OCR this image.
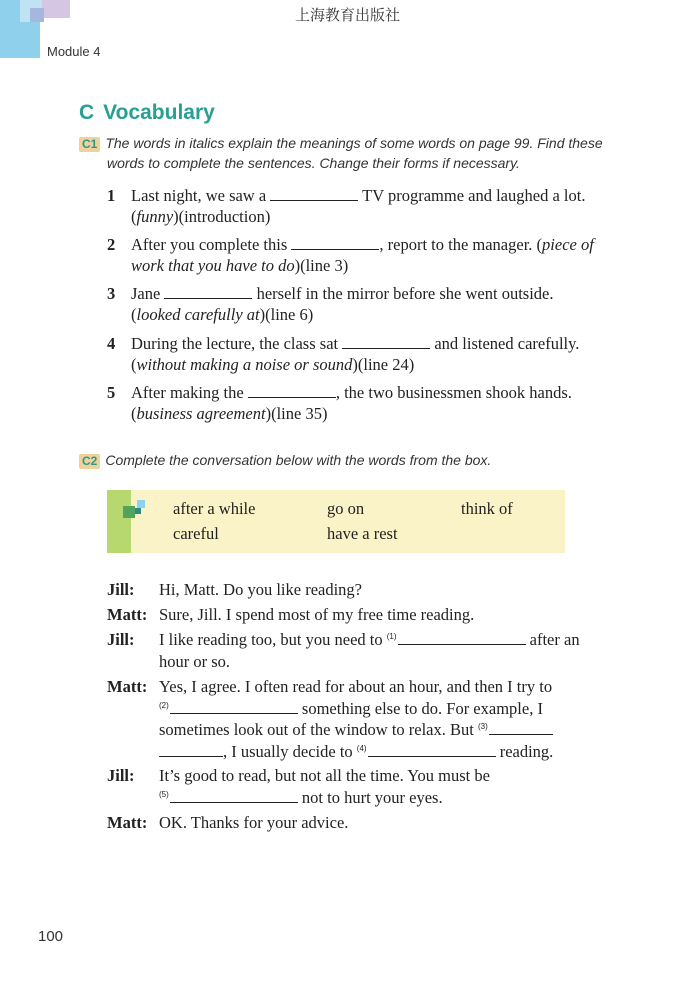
上海教育出版社
Module 4
C Vocabulary
C1 The words in italics explain the meanings of some words on page 99. Find these
words to complete the sentences. Change their forms if necessary.
1 Last night, we saw a	TV programme and laughed a lot.
(funny)(introduction)
2 After you complete this	, report to the manager. (piece of work that you have to do)(line 3)
3 Jane	herself in the mirror before she went outside.
(looked carefully at)(line 6)
4 During the lecture, the class sat	and listened carefully.
(without making a noise or sound)(line 24)
5 After making the	, the two businessmen shook hands.
(business agreement)(line 35)
C2 Complete the conversation below with the words from the box.
after a while	go on	think of
careful	have a rest
Jill: Hi, Matt. Do you like reading?
Matt: Sure, Jill. I spend most of my free time reading.
Jill: I like reading too, but you need to $^{(1)}$	after an
hour or so.
Matt: Yes, I agree. I often read for about an hour, and then I try to
$^{(2)}$	something else to do. For example, I
sometimes look out of the window to relax. But $^{(3)}$
, I usually decide to $^{(4)}$	reading.
Jill: It’s good to read, but not all the time. You must be
$^{(5)}$	not to hurt your eyes.
Matt: OK. Thanks for your advice.
100
